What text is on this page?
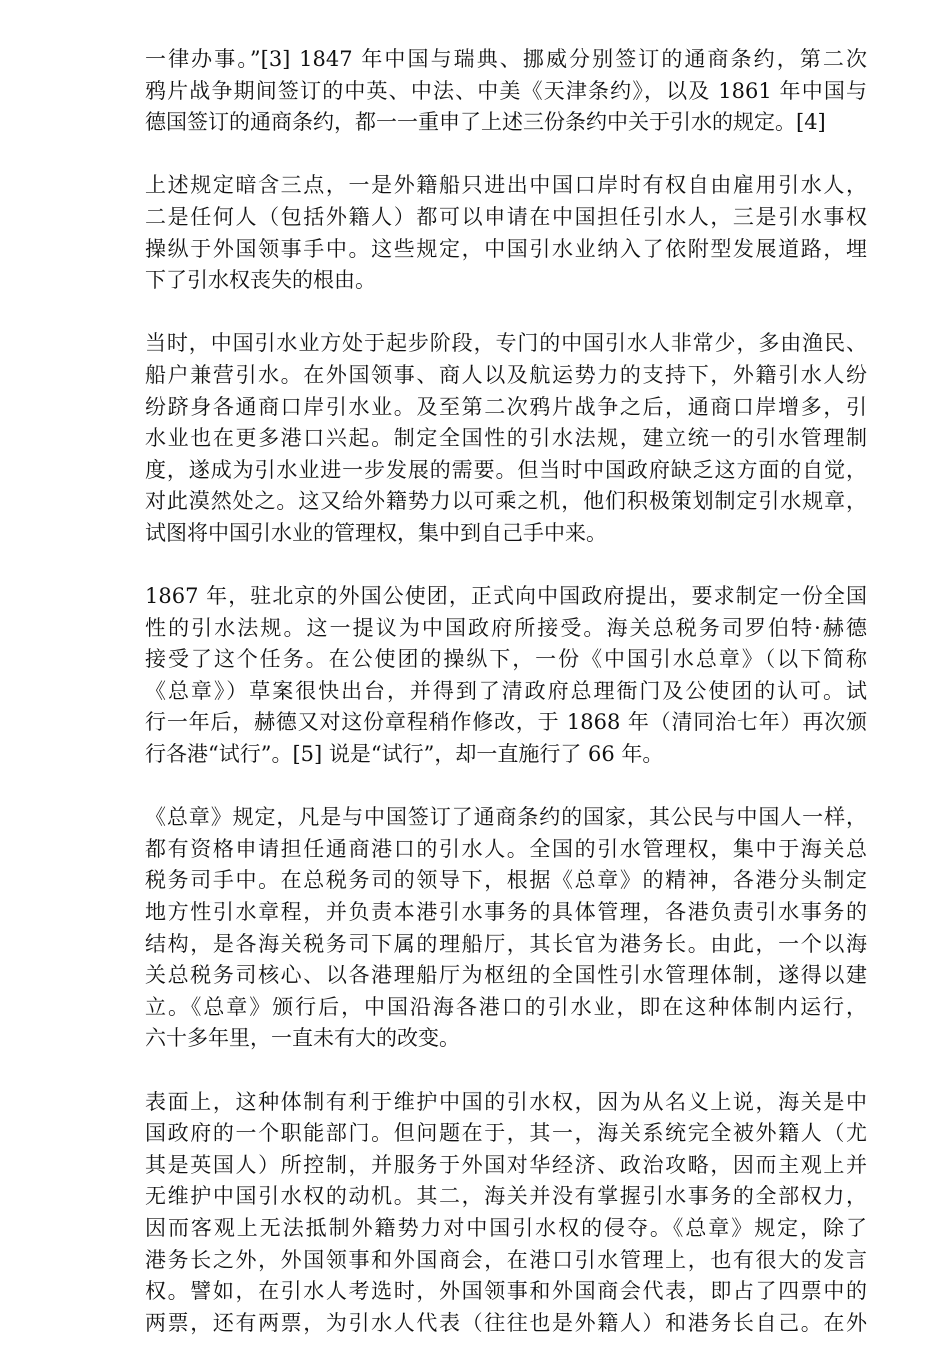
一律办事。”[3] 1847 年中国与瑞典、挪威分别签订的通商条约，第二次
鸦片战争期间签订的中英、中法、中美《天津条约》，以及 1861 年中国与
德国签订的通商条约，都一一重申了上述三份条约中关于引水的规定。[4]
上述规定暗含三点，一是外籍船只进出中国口岸时有权自由雇用引水人，
二是任何人（包括外籍人）都可以申请在中国担任引水人，三是引水事权
操纵于外国领事手中。这些规定，中国引水业纳入了依附型发展道路，埋
下了引水权丧失的根由。
当时，中国引水业方处于起步阶段，专门的中国引水人非常少，多由渔民、
船户兼营引水。在外国领事、商人以及航运势力的支持下，外籍引水人纷
纷跻身各通商口岸引水业。及至第二次鸦片战争之后，通商口岸增多，引
水业也在更多港口兴起。制定全国性的引水法规，建立统一的引水管理制
度，遂成为引水业进一步发展的需要。但当时中国政府缺乏这方面的自觉，
对此漠然处之。这又给外籍势力以可乘之机，他们积极策划制定引水规章，
试图将中国引水业的管理权，集中到自己手中来。
1867 年，驻北京的外国公使团，正式向中国政府提出，要求制定一份全国
性的引水法规。这一提议为中国政府所接受。海关总税务司罗伯特·赫德
接受了这个任务。在公使团的操纵下，一份《中国引水总章》（以下简称
《总章》）草案很快出台，并得到了清政府总理衙门及公使团的认可。试
行一年后，赫德又对这份章程稍作修改，于 1868 年（清同治七年）再次颁
行各港“试行”。[5] 说是“试行”，却一直施行了 66 年。
《总章》规定，凡是与中国签订了通商条约的国家，其公民与中国人一样，
都有资格申请担任通商港口的引水人。全国的引水管理权，集中于海关总
税务司手中。在总税务司的领导下，根据《总章》的精神，各港分头制定
地方性引水章程，并负责本港引水事务的具体管理，各港负责引水事务的
结构，是各海关税务司下属的理船厅，其长官为港务长。由此，一个以海
关总税务司核心、以各港理船厅为枢纽的全国性引水管理体制，遂得以建
立。《总章》颁行后，中国沿海各港口的引水业，即在这种体制内运行，
六十多年里，一直未有大的改变。
表面上，这种体制有利于维护中国的引水权，因为从名义上说，海关是中
国政府的一个职能部门。但问题在于，其一，海关系统完全被外籍人（尤
其是英国人）所控制，并服务于外国对华经济、政治攻略，因而主观上并
无维护中国引水权的动机。其二，海关并没有掌握引水事务的全部权力，
因而客观上无法抵制外籍势力对中国引水权的侵夺。《总章》规定，除了
港务长之外，外国领事和外国商会，在港口引水管理上，也有很大的发言
权。譬如，在引水人考选时，外国领事和外国商会代表，即占了四票中的
两票，还有两票，为引水人代表（往往也是外籍人）和港务长自己。在外
